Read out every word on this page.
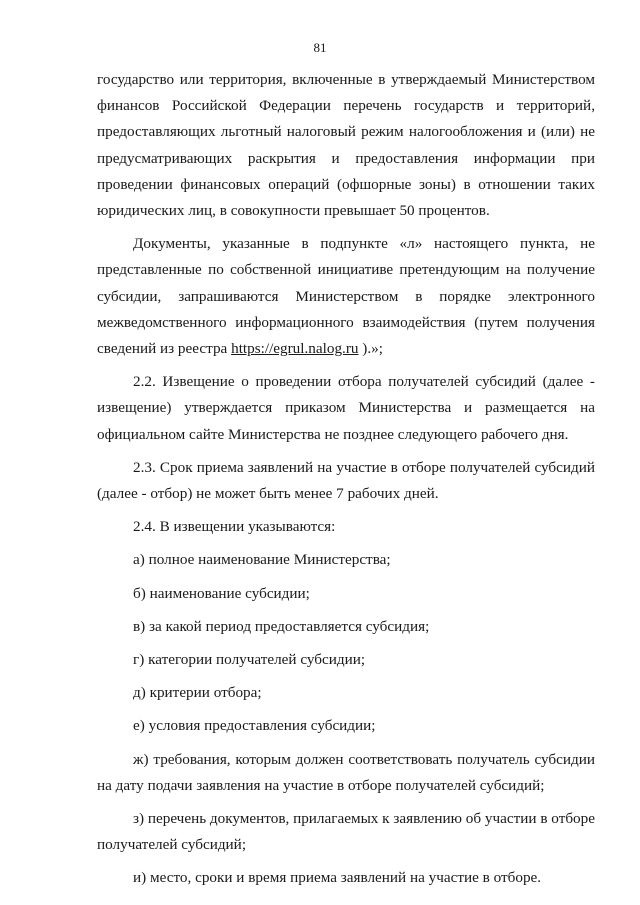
81

государство или территория, включенные в утверждаемый Министерством финансов Российской Федерации перечень государств и территорий, предоставляющих льготный налоговый режим налогообложения и (или) не предусматривающих раскрытия и предоставления информации при проведении финансовых операций (офшорные зоны) в отношении таких юридических лиц, в совокупности превышает 50 процентов.

Документы, указанные в подпункте «л» настоящего пункта, не представленные по собственной инициативе претендующим на получение субсидии, запрашиваются Министерством в порядке электронного межведомственного информационного взаимодействия (путем получения сведений из реестра https://egrul.nalog.ru ).»;

2.2. Извещение о проведении отбора получателей субсидий (далее - извещение) утверждается приказом Министерства и размещается на официальном сайте Министерства не позднее следующего рабочего дня.

2.3. Срок приема заявлений на участие в отборе получателей субсидий (далее - отбор) не может быть менее 7 рабочих дней.

2.4. В извещении указываются:

а) полное наименование Министерства;

б) наименование субсидии;

в) за какой период предоставляется субсидия;

г) категории получателей субсидии;

д) критерии отбора;

е) условия предоставления субсидии;

ж) требования, которым должен соответствовать получатель субсидии на дату подачи заявления на участие в отборе получателей субсидий;

з) перечень документов, прилагаемых к заявлению об участии в отборе получателей субсидий;

и) место, сроки и время приема заявлений на участие в отборе.
